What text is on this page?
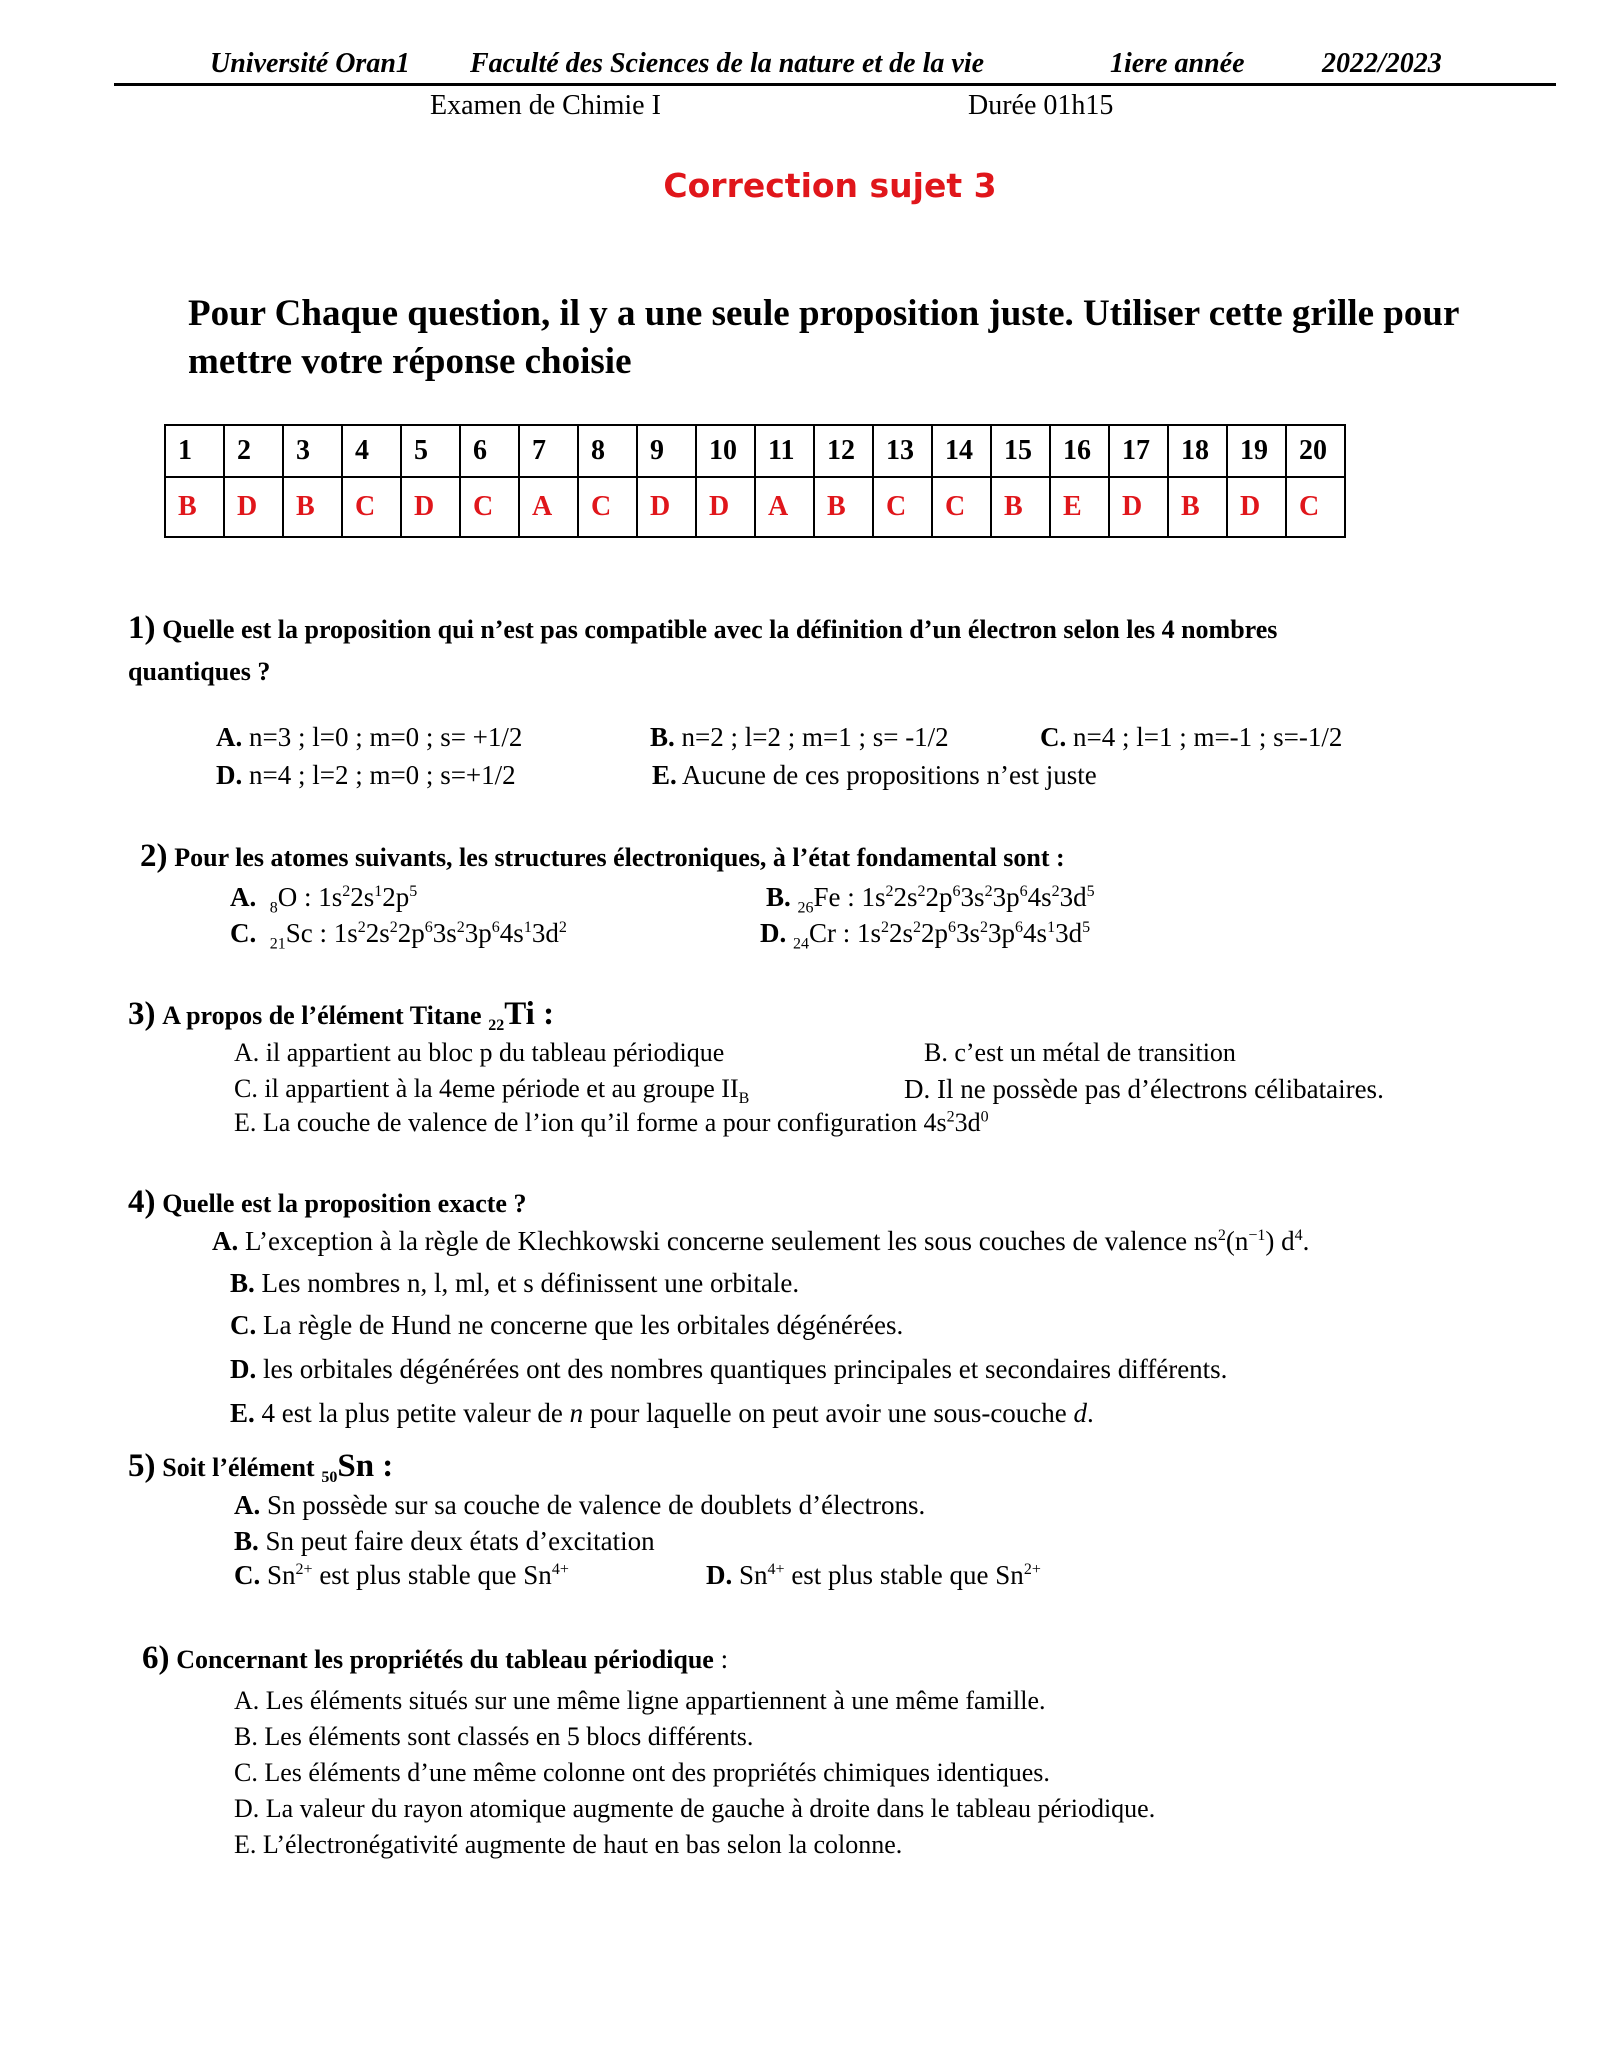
Université Oran1 Faculté des Sciences de la nature et de la vie	1iere année	2022/2023
Examen de Chimie I	Durée 01h15
Correction sujet 3
Pour Chaque question, il y a une seule proposition juste. Utiliser cette grille pour mettre votre réponse choisie
1	2	3	4	5	6	7	8	9	10	11	12	13	14	15	16	17	18	19	20
B	D	B	C	D	C	A	C	D	D	A	B	C	C	B	E	D	B	D	C
1) Quelle est la proposition qui n’est pas compatible avec la définition d’un électron selon les 4 nombres
quantiques ?
A. n=3 ; l=0 ; m=0 ; s= +1/2	B. n=2 ; l=2 ; m=1 ; s= -1/2	C. n=4 ; l=1 ; m=-1 ; s=-1/2
D. n=4 ; l=2 ; m=0 ; s=+1/2	E. Aucune de ces propositions n’est juste
2) Pour les atomes suivants, les structures électroniques, à l’état fondamental sont :
A. $_8$O : $1s^22s^12p^5$	B. $_{26}$Fe : $1s^22s^22p^63s^23p^64s^23d^5$
C. $_{21}$Sc : $1s^22s^22p^63s^23p^64s^13d^2$	D. $_{24}$Cr : $1s^22s^22p^63s^23p^64s^13d^5$
3) A propos de l’élément Titane $_{22}$Ti :
A. il appartient au bloc p du tableau périodique	B. c’est un métal de transition
C. il appartient à la 4eme période et au groupe $II_B$	D. Il ne possède pas d’électrons célibataires.
E. La couche de valence de l’ion qu’il forme a pour configuration $4s^23d^0$
4) Quelle est la proposition exacte ?
A. L’exception à la règle de Klechkowski concerne seulement les sous couches de valence $ns^2(n^{-1})$ $d^4$.
B. Les nombres n, l, ml, et s définissent une orbitale.
C. La règle de Hund ne concerne que les orbitales dégénérées.
D. les orbitales dégénérées ont des nombres quantiques principales et secondaires différents.
E. 4 est la plus petite valeur de n pour laquelle on peut avoir une sous-couche d.
5) Soit l’élément $_{50}$Sn :
A. Sn possède sur sa couche de valence de doublets d’électrons.
B. Sn peut faire deux états d’excitation
C. $Sn^{2+}$ est plus stable que $Sn^{4+}$	D. $Sn^{4+}$ est plus stable que $Sn^{2+}$
6) Concernant les propriétés du tableau périodique :
A. Les éléments situés sur une même ligne appartiennent à une même famille.
B. Les éléments sont classés en 5 blocs différents.
C. Les éléments d’une même colonne ont des propriétés chimiques identiques.
D. La valeur du rayon atomique augmente de gauche à droite dans le tableau périodique.
E. L’électronégativité augmente de haut en bas selon la colonne.
